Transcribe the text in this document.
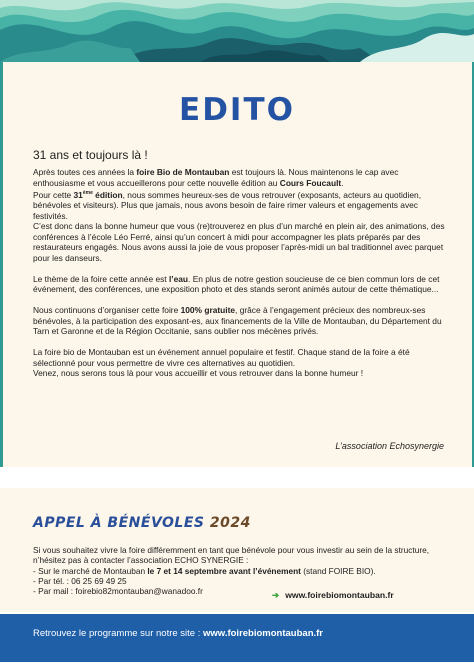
EDITO
31 ans et toujours là !

Après toutes ces années la foire Bio de Montauban est toujours là. Nous maintenons le cap avec enthousiasme et vous accueillerons pour cette nouvelle édition au Cours Foucault.
Pour cette 31ème édition, nous sommes heureux-ses de vous retrouver (exposants, acteurs au quotidien, bénévoles et visiteurs). Plus que jamais, nous avons besoin de faire rimer valeurs et engagements avec festivités.
C’est donc dans la bonne humeur que vous (re)trouverez en plus d’un marché en plein air, des animations, des conférences à l’école Léo Ferré, ainsi qu’un concert à midi pour accompagner les plats préparés par des restaurateurs engagés. Nous avons aussi la joie de vous proposer l’après-midi un bal traditionnel avec parquet pour les danseurs.

Le thème de la foire cette année est l’eau. En plus de notre gestion soucieuse de ce bien commun lors de cet événement, des conférences, une exposition photo et des stands seront animés autour de cette thématique...

Nous continuons d’organiser cette foire 100% gratuite, grâce à l’engagement précieux des nombreux-ses bénévoles, à la participation des exposant-es, aux financements de la Ville de Montauban, du Département du Tarn et Garonne et de la Région Occitanie, sans oublier nos mécènes privés.

La foire bio de Montauban est un événement annuel populaire et festif. Chaque stand de la foire a été sélectionné pour vous permettre de vivre ces alternatives au quotidien.
Venez, nous serons tous là pour vous accueillir et vous retrouver dans la bonne humeur !

L’association Echosynergie
APPEL À BÉNÉVOLES 2024
Si vous souhaitez vivre la foire différemment en tant que bénévole pour vous investir au sein de la structure, n’hésitez pas à contacter l’association ECHO SYNERGIE :
- Sur le marché de Montauban le 7 et 14 septembre avant l’événement (stand FOIRE BIO).
- Par tél. : 06 25 69 49 25
- Par mail : foirebio82montauban@wanadoo.fr	➔ www.foirebiomontauban.fr
Retrouvez le programme sur notre site : www.foirebiomontauban.fr
